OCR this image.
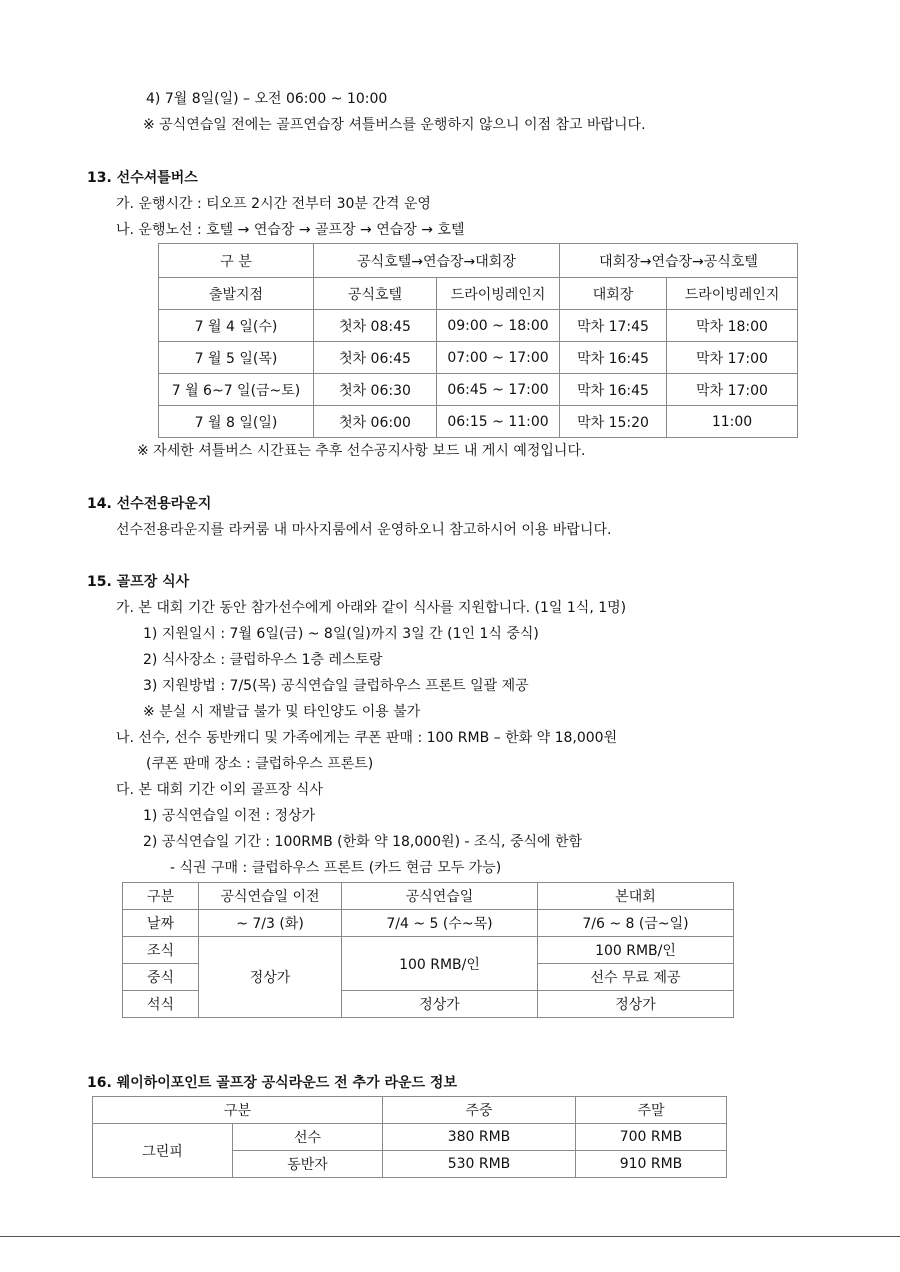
4) 7월 8일(일) – 오전 06:00 ~ 10:00
※ 공식연습일 전에는 골프연습장 셔틀버스를 운행하지 않으니 이점 참고 바랍니다.
13. 선수셔틀버스
가. 운행시간 : 티오프 2시간 전부터 30분 간격 운영
나. 운행노선 : 호텔 → 연습장 → 골프장 → 연습장 → 호텔
구 분	공식호텔→연습장→대회장		대회장→연습장→공식호텔	
출발지점	공식호텔	드라이빙레인지	대회장	드라이빙레인지
7 월 4 일(수)	첫차 08:45	09:00 ~ 18:00	막차 17:45	막차 18:00
7 월 5 일(목)	첫차 06:45	07:00 ~ 17:00	막차 16:45	막차 17:00
7 월 6~7 일(금~토)	첫차 06:30	06:45 ~ 17:00	막차 16:45	막차 17:00
7 월 8 일(일)	첫차 06:00	06:15 ~ 11:00	막차 15:20	11:00
※ 자세한 셔틀버스 시간표는 추후 선수공지사항 보드 내 게시 예정입니다.
14. 선수전용라운지
선수전용라운지를 라커룸 내 마사지룸에서 운영하오니 참고하시어 이용 바랍니다.
15. 골프장 식사
가. 본 대회 기간 동안 참가선수에게 아래와 같이 식사를 지원합니다. (1일 1식, 1명)
1) 지원일시 : 7월 6일(금) ~ 8일(일)까지 3일 간 (1인 1식 중식)
2) 식사장소 : 클럽하우스 1층 레스토랑
3) 지원방법 : 7/5(목) 공식연습일 클럽하우스 프론트 일괄 제공
※ 분실 시 재발급 불가 및 타인양도 이용 불가
나. 선수, 선수 동반캐디 및 가족에게는 쿠폰 판매 : 100 RMB – 한화 약 18,000원
(쿠폰 판매 장소 : 클럽하우스 프론트)
다. 본 대회 기간 이외 골프장 식사
1) 공식연습일 이전 : 정상가
2) 공식연습일 기간 : 100RMB (한화 약 18,000원) - 조식, 중식에 한함
- 식권 구매 : 클럽하우스 프론트 (카드 현금 모두 가능)
구분	공식연습일 이전	공식연습일	본대회
날짜	~ 7/3 (화)	7/4 ~ 5 (수~목)	7/6 ~ 8 (금~일)
조식	정상가	100 RMB/인	100 RMB/인
중식			선수 무료 제공
석식		정상가	정상가
16. 웨이하이포인트 골프장 공식라운드 전 추가 라운드 정보
구분		주중	주말
그린피	선수	380 RMB	700 RMB
	동반자	530 RMB	910 RMB
